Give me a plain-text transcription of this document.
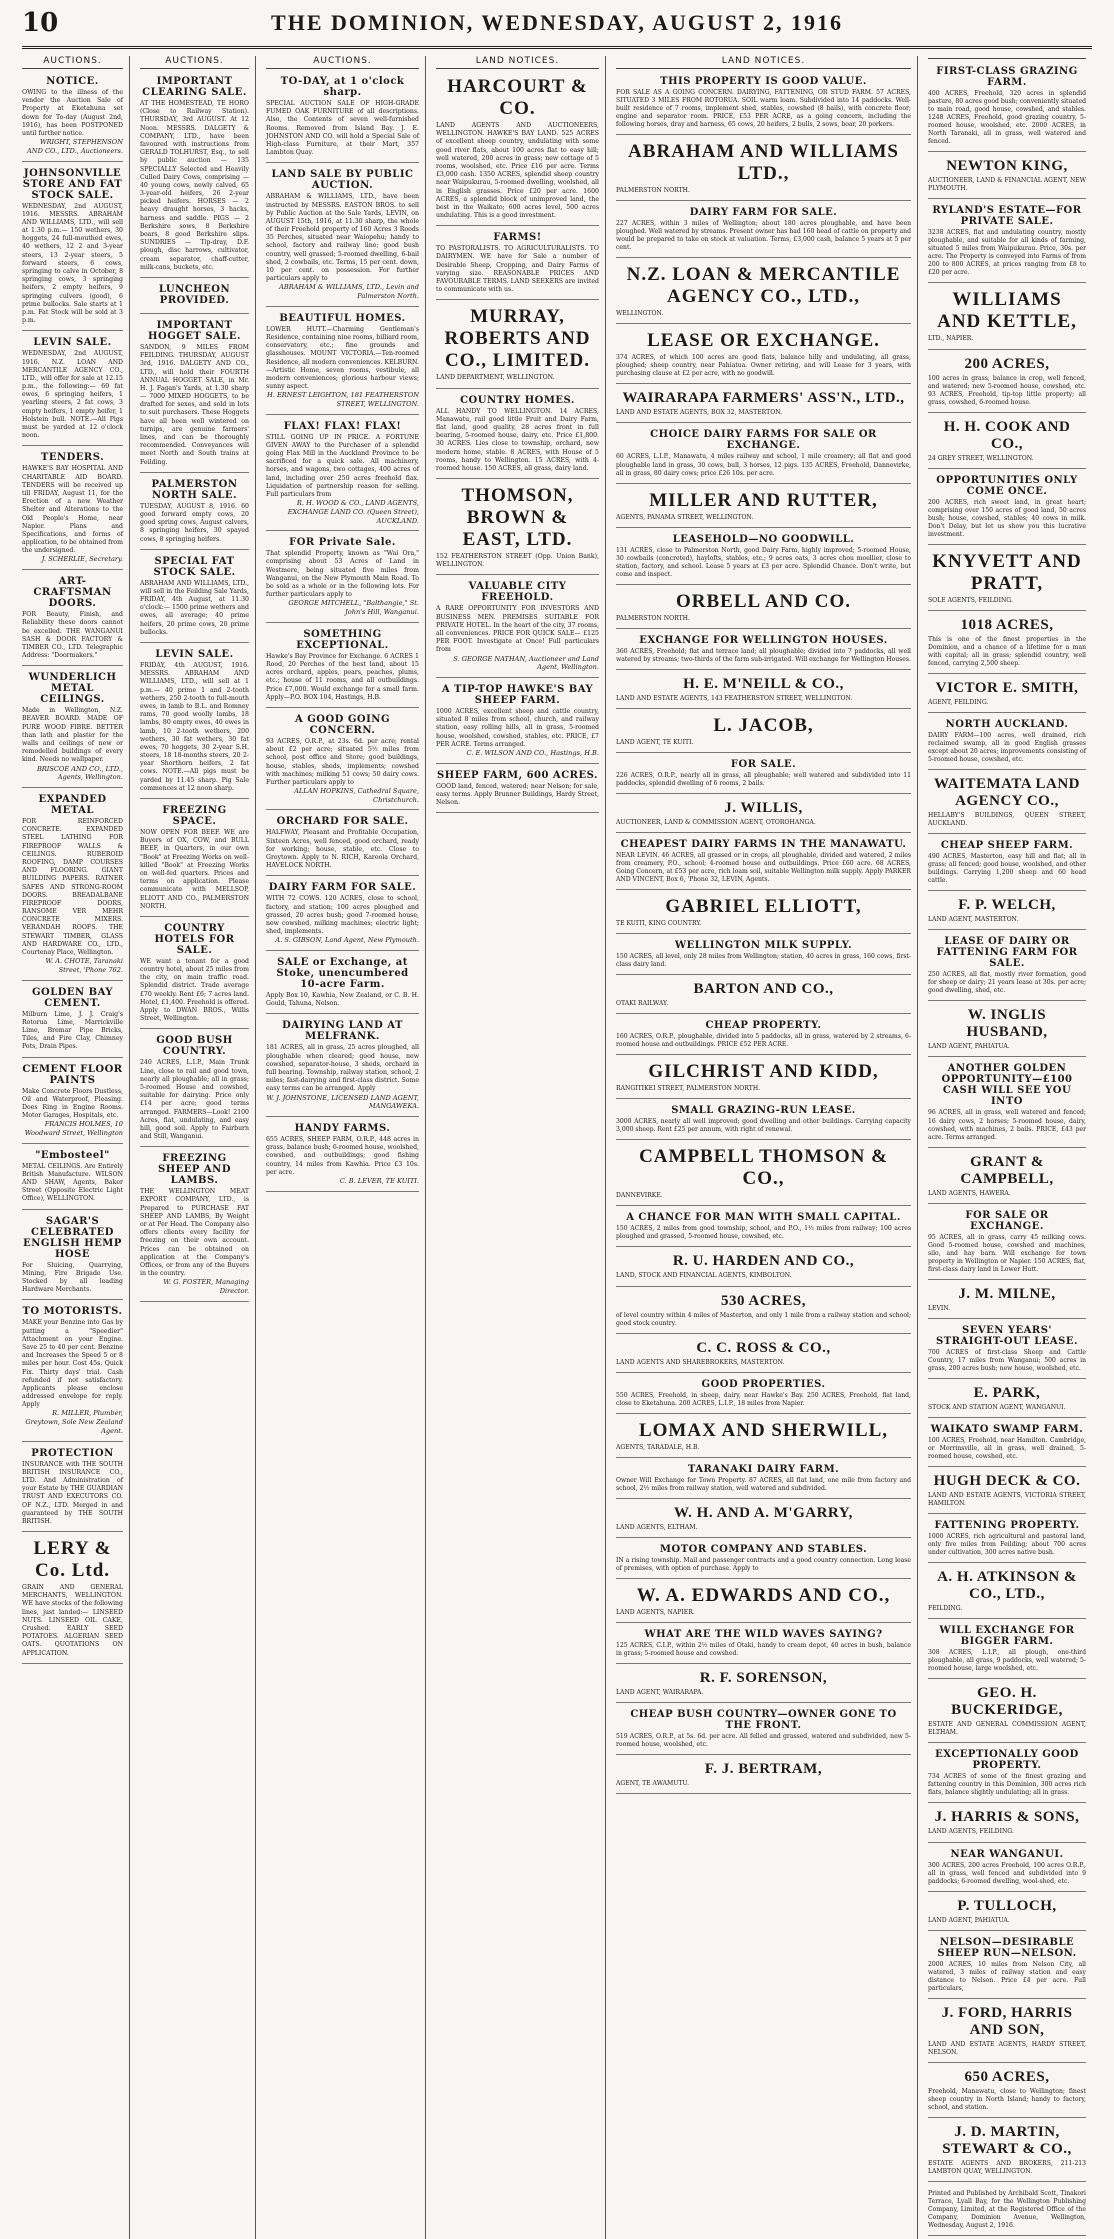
10	THE DOMINION, WEDNESDAY, AUGUST 2, 1916
AUCTIONS.
NOTICE.

OWING to the illness of the vendor the Auction Sale of Property at Eketahuna set down for To-day (August 2nd, 1916), has been POSTPONED until further notice.

WRIGHT, STEPHENSON AND CO., LTD., Auctioneers.

JOHNSONVILLE STORE AND FAT STOCK SALE.

WEDNESDAY, 2nd AUGUST, 1916. MESSRS. ABRAHAM AND WILLIAMS, LTD., will sell at 1.30 p.m.— 150 wethers, 30 hoggets, 24 full-mouthed ewes, 40 wethers, 12 2 and 3-year steers, 13 2-year steers, 5 forward steers, 6 cows, springing to calve in October, 8 springing cows, 3 springing heifers, 2 empty heifers, 9 springing culvers (good), 6 prime bullocks. Sale starts at 1 p.m. Fat Stock will be sold at 3 p.m.

LEVIN SALE.

WEDNESDAY, 2nd AUGUST, 1916. N.Z. LOAN AND MERCANTILE AGENCY CO., LTD., will offer for sale at 12.15 p.m., the following:— 69 fat ewes, 6 springing heifers, 1 yearling steers, 2 fat cows, 3 empty heifers, 1 empty heifer, 1 Holstein bull. NOTE.—All Pigs must be yarded at 12 o'clock noon.

TENDERS.

HAWKE'S BAY HOSPITAL AND CHARITABLE AID BOARD. TENDERS will be received up till FRIDAY, August 11, for the Erection of a new Weather Shelter and Alterations to the Old People's Home, near Napier. Plans and Specifications, and forms of application, to be obtained from the undersigned.

J. SCHERLIE, Secretary.

ART-CRAFTSMAN DOORS.

FOR Beauty, Finish, and Reliability these doors cannot be excelled. THE WANGANUI SASH & DOOR FACTORY & TIMBER CO., LTD. Telegraphic Address: "Doormakers."

WUNDERLICH METAL CEILINGS.

Made in Wellington, N.Z. BEAVER BOARD. MADE OF PURE WOOD FIBRE. BETTER than lath and plaster for the walls and ceilings of new or remodelled buildings of every kind. Needs no wallpaper.

BRISCOE AND CO., LTD., Agents, Wellington.

EXPANDED METAL

FOR REINFORCED CONCRETE. EXPANDED STEEL LATHING FOR FIREPROOF WALLS & CEILINGS. RUBEROID ROOFING, DAMP COURSES AND FLOORING. GIANT BUILDING PAPERS. RATNER SAFES AND STRONG-ROOM DOORS. BREADALBANE FIREPROOF DOORS, RANSOME VER MEHR CONCRETE MIXERS. VERANDAH ROOFS. THE STEWART TIMBER, GLASS AND HARDWARE CO., LTD., Courtenay Place, Wellington.

W. A. CHOTE, Taranaki Street, 'Phone 762.

GOLDEN BAY CEMENT.

Milburn Lime, J. J. Craig's Rotorua Lime, Marrickville Lime, Bremar Pipe Bricks, Tiles, and Fire Clay, Chimney Pots, Drain Pipes.

CEMENT FLOOR PAINTS

Make Concrete Floors Dustless, Oil and Waterproof, Pleasing. Does Ring in Engine Rooms. Motor Garages, Hospitals, etc.

FRANCIS HOLMES, 10 Woodward Street, Wellington

"Embosteel"

METAL CEILINGS. Are Entirely British Manufacture. WILSON AND SHAW, Agents, Baker Street (Opposite Electric Light Office), WELLINGTON.

SAGAR'S CELEBRATED ENGLISH HEMP HOSE

For Sluicing, Quarrying, Mining, Fire Brigade Use. Stocked by all leading Hardware Merchants.

TO MOTORISTS.

MAKE your Benzine into Gas by putting a "Speedier" Attachment on your Engine. Save 25 to 40 per cent. Benzine and Increases the Speed 5 or 8 miles per hour. Cost 45s. Quick Fix. Thirty days' trial. Cash refunded if not satisfactory. Applicants please enclose addressed envelope for reply. Apply

R. MILLER, Plumber, Greytown, Sole New Zealand Agent.

PROTECTION

INSURANCE with THE SOUTH BRITISH INSURANCE CO., LTD. And Administration of your Estate by THE GUARDIAN TRUST AND EXECUTORS CO. OF N.Z., LTD. Merged in and guaranteed by THE SOUTH BRITISH.

LERY & Co. Ltd.

GRAIN AND GENERAL MERCHANTS, WELLINGTON. WE have stocks of the following lines, just landed:— LINSEED NUTS. LINSEED OIL CAKE, Crushed. EARLY SEED POTATOES. ALGERIAN SEED OATS. QUOTATIONS ON APPLICATION.

AUCTIONS.
IMPORTANT CLEARING SALE.

AT THE HOMESTEAD, TE HORO (Close to Railway Station). THURSDAY, 3rd AUGUST. At 12 Noon. MESSRS. DALGETY & COMPANY, LTD., have been favoured with instructions from GERALD TOLHURST, Esq., to sell by public auction — 135 SPECIALLY Selected and Heavily Culled Dairy Cows, comprising — 40 young cows, newly calved, 65 3-year-old heifers, 26 2-year picked heifers. HORSES — 2 heavy draught horses, 3 hacks, harness and saddle. PIGS — 2 Berkshire sows, 8 Berkshire boars, 8 good Berkshire slips. SUNDRIES — Tip-dray, D.F. plough, disc harrows, cultivator, cream separator, chaff-cutter, milk-cans, buckets, etc.

LUNCHEON PROVIDED.

IMPORTANT HOGGET SALE.

SANDON, 9 MILES FROM FEILDING. THURSDAY, AUGUST 3rd, 1916. DALGETY AND CO., LTD., will hold their FOURTH ANNUAL HOGGET SALE, in Mr. H. J. Fagan's Yards, at 1.30 sharp — 7000 MIXED HOGGETS, to be drafted for sexes, and sold in lots to suit purchasers. These Hoggets have all been well wintered on turnips, are genuine farmers' lines, and can be thoroughly recommended. Conveyances will meet North and South trains at Feilding.

PALMERSTON NORTH SALE.

TUESDAY, AUGUST 8, 1916. 60 good forward empty cows, 20 good spring cows, August calvers, 8 springing heifers, 30 spayed cows, 8 springing heifers.

SPECIAL FAT STOCK SALE.

ABRAHAM AND WILLIAMS, LTD., will sell in the Feilding Sale Yards, FRIDAY, 4th August, at 11.30 o'clock:— 1500 prime wethers and ewes, all average; 40 prime heifers, 20 prime cows, 20 prime bullocks.

LEVIN SALE.

FRIDAY, 4th AUGUST, 1916. MESSRS. ABRAHAM AND WILLIAMS, LTD., will sell at 1 p.m.— 40 prime 1 and 2-tooth wethers, 250 2-tooth to full-mouth ewes, in lamb to B.L. and Romney rams, 70 good woolly lambs, 18 lambs, 80 empty ewes, 40 ewes in lamb, 10 2-tooth wethers, 200 wethers, 30 fat wethers, 30 fat ewes, 70 hoggets, 30 2-year S.H. steers, 18 18-months steers, 20 2-year Shorthorn heifers, 2 fat cows. NOTE.—All pigs must be yarded by 11.45 sharp. Pig Sale commences at 12 noon sharp.

FREEZING SPACE.

NOW OPEN FOR BEEF. WE are Buyers of OX, COW, and BULL BEEF, in Quarters, in our own "Book" at Freezing Works on well-killed "Book" at Freezing Works on well-fed quarters. Prices and terms on application. Please communicate with MELLSOP, ELIOTT AND CO., PALMERSTON NORTH.

COUNTRY HOTELS FOR SALE.

WE want a tenant for a good country hotel, about 25 miles from the city, on main traffic road. Splendid district. Trade average £70 weekly. Rent £6; 7 acres land. Hotel, £1,400. Freehold is offered. Apply to DWAN BROS., Willis Street, Wellington.

GOOD BUSH COUNTRY.

240 ACRES, L.I.P., Main Trunk Line, close to rail and good town, nearly all ploughable; all in grass; 5-roomed House and cowshed, suitable for dairying. Price only £14 per acre; good terms arranged. FARMERS—Look! 2100 Acres, flat, undulating, and easy hill, good soil. Apply to Fairburn and Still, Wanganui.

FREEZING SHEEP AND LAMBS.

THE WELLINGTON MEAT EXPORT COMPANY, LTD., is Prepared to PURCHASE FAT SHEEP AND LAMBS, By Weight or at Per Head. The Company also offers clients every facility for freezing on their own account. Prices can be obtained on application at the Company's Offices, or from any of the Buyers in the country.

W. G. FOSTER, Managing Director.

AUCTIONS.
TO-DAY, at 1 o'clock sharp.

SPECIAL AUCTION SALE OF HIGH-GRADE FUMED OAK FURNITURE of all descriptions. Also, the Contents of seven well-furnished Rooms. Removed from Island Bay. J. E. JOHNSTON AND CO. will hold a Special Sale of High-class Furniture, at their Mart, 357 Lambton Quay.

LAND SALE BY PUBLIC AUCTION.

ABRAHAM & WILLIAMS, LTD., have been instructed by MESSRS. EASTON BROS. to sell by Public Auction at the Sale Yards, LEVIN, on AUGUST 15th, 1916, at 11.30 sharp, the whole of their Freehold property of 160 Acres 3 Roods 35 Perches, situated near Waiopehu; handy to school, factory and railway line; good bush country, well grassed; 5-roomed dwelling, 6-bail shed, 2 cowbails, etc. Terms, 15 per cent. down, 10 per cent. on possession. For further particulars apply to

ABRAHAM & WILLIAMS, LTD., Levin and Palmerston North.

BEAUTIFUL HOMES.

LOWER HUTT.—Charming Gentleman's Residence, containing nine rooms, billiard room, conservatory, etc.; fine grounds and glasshouses. MOUNT VICTORIA.—Ten-roomed Residence, all modern conveniences. KELBURN.—Artistic Home, seven rooms, vestibule, all modern conveniences; glorious harbour views; sunny aspect.

H. ERNEST LEIGHTON, 181 FEATHERSTON STREET, WELLINGTON.

FLAX! FLAX! FLAX!

STILL GOING UP IN PRICE. A FORTUNE GIVEN AWAY to the Purchaser of a splendid going Flax Mill in the Auckland Province to be sacrificed for a quick sale. All machinery, horses, and wagons, two cottages, 400 acres of land, including over 250 acres freehold flax. Liquidation of partnership reason for selling. Full particulars from

R. H. WOOD & CO., LAND AGENTS, EXCHANGE LAND CO. (Queen Street), AUCKLAND.

FOR Private Sale.

That splendid Property, known as "Wai Ora," comprising about 53 Acres of Land in Westmere, being situated five miles from Wanganui, on the New Plymouth Main Road. To be sold as a whole or in the following lots. For further particulars apply to

GEORGE MITCHELL, "Balthangie," St. John's Hill, Wanganui.

SOMETHING EXCEPTIONAL.

Hawke's Bay Province for Exchange. 6 ACRES 1 Rood, 20 Perches of the best land, about 15 acres orchard, apples, pears, peaches, plums, etc.; house of 11 rooms, and all outbuildings. Price £7,000. Would exchange for a small farm. Apply—P.O. BOX 104, Hastings, H.B.

A GOOD GOING CONCERN.

93 ACRES, O.R.P., at 23s. 6d. per acre; rental about £2 per acre; situated 5½ miles from school, post office and Store; good buildings, house, stables, sheds, implements; cowshed with machines; milking 51 cows; 50 dairy cows. Further particulars apply to

ALLAN HOPKINS, Cathedral Square, Christchurch.

ORCHARD FOR SALE.

HALFWAY, Pleasant and Profitable Occupation, Sixteen Acres, well fenced, good orchard, ready for working; house, stable, etc. Close to Greytown. Apply to N. RICH, Karoola Orchard, HAVELOCK NORTH.

DAIRY FARM FOR SALE.

WITH 72 COWS. 120 ACRES, close to school, factory, and station; 100 acres ploughed and grassed, 20 acres bush; good 7-roomed house, new cowshed, milking machines; electric light; shed, implements.

A. S. GIBSON, Land Agent, New Plymouth.

SALE or Exchange, at Stoke, unencumbered 10-acre Farm.

Apply Box 10, Kawhia, New Zealand, or C. B. H. Gould, Tahuna, Nelson.

DAIRYING LAND AT MELFRANK.

181 ACRES, all in grass, 25 acres ploughed, all ploughable when cleared; good house, new cowshed, separator-house, 3 sheds, orchard in full bearing. Township, railway station, school, 2 miles; fast-dairying and first-class district. Some easy terms can be arranged. Apply

W. J. JOHNSTONE, LICENSED LAND AGENT, MANGAWEKA.

HANDY FARMS.

655 ACRES, SHEEP FARM, O.R.P., 448 acres in grass, balance bush; 6-roomed house, woolshed, cowshed, and outbuildings; good fishing country, 14 miles from Kawhia. Price £3 10s. per acre.

C. B. LEVER, TE KUITI.

LAND NOTICES.
HARCOURT & CO.

LAND AGENTS AND AUCTIONEERS, WELLINGTON. HAWKE'S BAY LAND. 525 ACRES of excellent sheep country, undulating with some good river flats, about 100 acres flat to easy hill; well watered, 200 acres in grass; new cottage of 5 rooms, woolshed, etc. Price £16 per acre. Terms £3,000 cash. 1350 ACRES, splendid sheep country near Waipukurau, 5-roomed dwelling, woolshed, all in English grasses. Price £20 per acre. 1600 ACRES, a splendid block of unimproved land, the best in the Waikato; 600 acres level, 500 acres undulating. This is a good investment.

FARMS!

TO PASTORALISTS. TO AGRICULTURALISTS. TO DAIRYMEN. WE have for Sale a number of Desirable Sheep, Cropping, and Dairy Farms of varying size. REASONABLE PRICES AND FAVOURABLE TERMS. LAND SEEKERS are invited to communicate with us.

MURRAY, ROBERTS AND CO., LIMITED.

LAND DEPARTMENT, WELLINGTON.

COUNTRY HOMES.

ALL HANDY TO WELLINGTON. 14 ACRES, Manawatu, rail good little Fruit and Dairy Farm, flat land, good quality, 28 acres front in full bearing, 5-roomed house, dairy, etc. Price £1,800. 30 ACRES. Lies close to township, orchard, new modern home, stable. 8 ACRES, with House of 5 rooms, handy to Wellington. 15 ACRES, with 4-roomed house. 150 ACRES, all grass, dairy land.

THOMSON, BROWN & EAST, LTD.

152 FEATHERSTON STREET (Opp. Union Bank), WELLINGTON.

VALUABLE CITY FREEHOLD.

A RARE OPPORTUNITY FOR INVESTORS AND BUSINESS MEN. PREMISES SUITABLE FOR PRIVATE HOTEL. In the heart of the city, 37 rooms, all conveniences. PRICE FOR QUICK SALE— £125 PER FOOT. Investigate at Once! Full particulars from

S. GEORGE NATHAN, Auctioneer and Land Agent, Wellington.

A TIP-TOP HAWKE'S BAY SHEEP FARM.

1000 ACRES, excellent sheep and cattle country, situated 8 miles from school, church, and railway station, easy rolling hills, all in grass, 5-roomed house, woolshed, cowshed, stables, etc. PRICE, £7 PER ACRE. Terms arranged.

C. E. WILSON AND CO., Hastings, H.B.

SHEEP FARM, 600 ACRES.

GOOD land, fenced, watered; near Nelson; for sale, easy terms. Apply Brunner Buildings, Hardy Street, Nelson.

LAND NOTICES.
THIS PROPERTY IS GOOD VALUE.

FOR SALE AS A GOING CONCERN. DAIRYING, FATTENING, OR STUD FARM. 57 ACRES, SITUATED 3 MILES FROM ROTORUA. SOIL warm loam. Subdivided into 14 paddocks. Well-built residence of 7 rooms, implement shed, stables, cowshed (8 bails), with concrete floor; engine and separator room. PRICE, £53 PER ACRE, as a going concern, including the following horses, dray and harness, 65 cows, 20 heifers, 2 bulls, 2 sows, boar, 20 porkers.

ABRAHAM AND WILLIAMS LTD.,

PALMERSTON NORTH.

DAIRY FARM FOR SALE.

227 ACRES, within 3 miles of Wellington; about 180 acres ploughable, and have been ploughed. Well watered by streams. Present owner has had 160 head of cattle on property and would be prepared to take on stock at valuation. Terms, £3,000 cash, balance 5 years at 5 per cent.

N.Z. LOAN & MERCANTILE AGENCY CO., LTD.,

WELLINGTON.

LEASE OR EXCHANGE.

374 ACRES, of which 100 acres are good flats, balance hilly and undulating, all grass, ploughed; sheep country, near Pahiatua. Owner retiring, and will Lease for 3 years, with purchasing clause at £2 per acre, with no goodwill.

WAIRARAPA FARMERS' ASS'N., LTD.,

LAND AND ESTATE AGENTS, BOX 32, MASTERTON.

CHOICE DAIRY FARMS FOR SALE OR EXCHANGE.

60 ACRES, L.I.P., Manawatu, 4 miles railway and school, 1 mile creamery; all flat and good ploughable land in grass, 30 cows, bull, 3 horses, 12 pigs. 135 ACRES, Freehold, Dannevirke, all in grass, 80 dairy cows; price £26 10s. per acre.

MILLER AND RUTTER,

AGENTS, PANAMA STREET, WELLINGTON.

LEASEHOLD—NO GOODWILL.

131 ACRES, close to Palmerston North, good Dairy Farm, highly improved; 5-roomed House, 30 cowbails (concreted), haylofts, stables, etc.; 9 acres oats, 3 acres chou moellier, close to station, factory, and school. Lease 5 years at £3 per acre. Splendid Chance. Don't write, but come and inspect.

ORBELL AND CO.

PALMERSTON NORTH.

EXCHANGE FOR WELLINGTON HOUSES.

360 ACRES, Freehold; flat and terrace land; all ploughable; divided into 7 paddocks, all well watered by streams; two-thirds of the farm sub-irrigated. Will exchange for Wellington Houses.

H. E. M'NEILL & CO.,

LAND AND ESTATE AGENTS, 143 FEATHERSTON STREET, WELLINGTON.

L. JACOB,

LAND AGENT, TE KUITI.

FOR SALE.

226 ACRES, O.R.P., nearly all in grass, all ploughable; well watered and subdivided into 11 paddocks, splendid dwelling of 6 rooms, 2 bails.

J. WILLIS,

AUCTIONEER, LAND & COMMISSION AGENT, OTOROHANGA.

CHEAPEST DAIRY FARMS IN THE MANAWATU.

NEAR LEVIN. 46 ACRES, all grassed or in crops, all ploughable, divided and watered, 2 miles from creamery, P.O., school; 4-roomed house and outbuildings. Price £60 acre. 68 ACRES, Going Concern, at £53 per acre, rich loam soil, suitable Wellington milk supply. Apply PARKER AND VINCENT, Box 6, 'Phone 32, LEVIN, Agents.

GABRIEL ELLIOTT,

TE KUITI, KING COUNTRY.

WELLINGTON MILK SUPPLY.

150 ACRES, all level, only 28 miles from Wellington; station, 40 acres in grass, 160 cows, first-class dairy land.

BARTON AND CO.,

OTAKI RAILWAY.

CHEAP PROPERTY.

160 ACRES, O.R.P., ploughable, divided into 5 paddocks, all in grass, watered by 2 streams, 6-roomed house and outbuildings. PRICE £52 PER ACRE.

GILCHRIST AND KIDD,

RANGITIKEI STREET, PALMERSTON NORTH.

SMALL GRAZING-RUN LEASE.

3000 ACRES, nearly all well improved; good dwelling and other buildings. Carrying capacity 3,000 sheep. Rent £25 per annum, with right of renewal.

CAMPBELL THOMSON & CO.,

DANNEVIRKE.

A CHANCE FOR MAN WITH SMALL CAPITAL.

150 ACRES, 2 miles from good township, school, and P.O., 1½ miles from railway; 100 acres ploughed and grassed, 5-roomed house, cowshed, etc.

R. U. HARDEN AND CO.,

LAND, STOCK AND FINANCIAL AGENTS, KIMBOLTON.

530 ACRES,

of level country within 4 miles of Masterton, and only 1 mile from a railway station and school; good stock country.

C. C. ROSS & CO.,

LAND AGENTS AND SHAREBROKERS, MASTERTON.

GOOD PROPERTIES.

550 ACRES, Freehold, in sheep, dairy, near Hawke's Bay. 250 ACRES, Freehold, flat land, close to Eketahuna. 200 ACRES, L.I.P., 18 miles from Napier.

LOMAX AND SHERWILL,

AGENTS, TARADALE, H.B.

TARANAKI DAIRY FARM.

Owner Will Exchange for Town Property. 87 ACRES, all flat land, one mile from factory and school, 2½ miles from railway station, well watered and subdivided.

W. H. AND A. M'GARRY,

LAND AGENTS, ELTHAM.

MOTOR COMPANY AND STABLES.

IN a rising township. Mail and passenger contracts and a good country connection. Long lease of premises, with option of purchase. Apply to

W. A. EDWARDS AND CO.,

LAND AGENTS, NAPIER.

WHAT ARE THE WILD WAVES SAYING?

125 ACRES, C.I.P., within 2½ miles of Otaki, handy to cream depot, 40 acres in bush, balance in grass; 5-roomed house and cowshed.

R. F. SORENSON,

LAND AGENT, WAIRARAPA.

CHEAP BUSH COUNTRY—OWNER GONE TO THE FRONT.

519 ACRES, O.R.P., at 5s. 6d. per acre. All felled and grassed, watered and subdivided, new 5-roomed house, woolshed, etc.

F. J. BERTRAM,

AGENT, TE AWAMUTU.

FIRST-CLASS GRAZING FARM.

400 ACRES, Freehold, 320 acres in splendid pasture, 80 acres good bush; conveniently situated to main road, good house, cowshed, and stables. 1248 ACRES, Freehold, good grazing country, 5-roomed house, woolshed, etc. 2000 ACRES, in North Taranaki, all in grass, well watered and fenced.

NEWTON KING,

AUCTIONEER, LAND & FINANCIAL AGENT, NEW PLYMOUTH.

RYLAND'S ESTATE—FOR PRIVATE SALE.

3238 ACRES, flat and undulating country, mostly ploughable, and suitable for all kinds of farming, situated 5 miles from Waipukurau. Price, 30s. per acre. The Property is conveyed into Farms of from 200 to 800 ACRES, at prices ranging from £8 to £20 per acre.

WILLIAMS AND KETTLE,

LTD., NAPIER.

200 ACRES,

100 acres in grass, balance in crop, well fenced, and watered; new 5-roomed house, cowshed, etc. 93 ACRES, Freehold, tip-top little property; all grass, cowshed, 6-roomed house.

H. H. COOK AND CO.,

24 GREY STREET, WELLINGTON.

OPPORTUNITIES ONLY COME ONCE.

200 ACRES, rich sweet land, in great heart; comprising over 150 acres of good land, 50 acres bush; house, cowshed, stables; 40 cows in milk. Don't Delay, but let us show you this lucrative investment.

KNYVETT AND PRATT,

SOLE AGENTS, FEILDING.

1018 ACRES,

This is one of the finest properties in the Dominion, and a chance of a lifetime for a man with capital; all in grass; splendid country, well fenced, carrying 2,500 sheep.

VICTOR E. SMITH,

AGENT, FEILDING.

NORTH AUCKLAND.

DAIRY FARM—100 acres, well drained, rich reclaimed swamp, all in good English grasses except about 20 acres; improvements consisting of 5-roomed house, cowshed, etc.

WAITEMATA LAND AGENCY CO.,

HELLABY'S BUILDINGS, QUEEN STREET, AUCKLAND.

CHEAP SHEEP FARM.

490 ACRES, Masterton, easy hill and flat; all in grass; all fenced; good house, woolshed, and other buildings. Carrying 1,200 sheep and 60 head cattle.

F. P. WELCH,

LAND AGENT, MASTERTON.

LEASE OF DAIRY OR FATTENING FARM FOR SALE.

250 ACRES, all flat, mostly river formation, good for sheep or dairy; 21 years lease at 30s. per acre; good dwelling, shed, etc.

W. INGLIS HUSBAND,

LAND AGENT, PAHIATUA.

ANOTHER GOLDEN OPPORTUNITY—£100 CASH WILL SEE YOU INTO

96 ACRES, all in grass, well watered and fenced; 16 dairy cows, 2 horses; 5-roomed house, dairy, cowshed, with machines, 2 bails. PRICE, £43 per acre. Terms arranged.

GRANT & CAMPBELL,

LAND AGENTS, HAWERA.

FOR SALE OR EXCHANGE.

95 ACRES, all in grass, carry 45 milking cows. Good 5-roomed house, cowshed and machines, silo, and hay barn. Will exchange for town property in Wellington or Napier. 150 ACRES, flat, first-class dairy land in Lower Hutt.

J. M. MILNE,

LEVIN.

SEVEN YEARS' STRAIGHT-OUT LEASE.

700 ACRES of first-class Sheep and Cattle Country, 17 miles from Wanganui; 500 acres in grass, 200 acres bush; new house, woolshed, etc.

E. PARK,

STOCK AND STATION AGENT, WANGANUI.

WAIKATO SWAMP FARM.

100 ACRES, Freehold, near Hamilton. Cambridge, or Morrinsville, all in grass, well drained, 5-roomed house, cowshed, etc.

HUGH DECK & CO.

LAND AND ESTATE AGENTS, VICTORIA STREET, HAMILTON.

FATTENING PROPERTY.

1000 ACRES, rich agricultural and pastoral land, only five miles from Feilding; about 700 acres under cultivation, 300 acres native bush.

A. H. ATKINSON & CO., LTD.,

FEILDING.

WILL EXCHANGE FOR BIGGER FARM.

308 ACRES, L.I.P., all plough, one-third ploughable, all grass, 9 paddocks, well watered; 5-roomed house, large woolshed, etc.

GEO. H. BUCKERIDGE,

ESTATE AND GENERAL COMMISSION AGENT, ELTHAM.

EXCEPTIONALLY GOOD PROPERTY.

734 ACRES of some of the finest grazing and fattening country in this Dominion, 300 acres rich flats, balance slightly undulating; all in grass.

J. HARRIS & SONS,

LAND AGENTS, FEILDING.

NEAR WANGANUI.

300 ACRES, 200 acres Freehold, 100 acres O.R.P., all in grass, well fenced and subdivided into 9 paddocks; 6-roomed dwelling, wool-shed, etc.

P. TULLOCH,

LAND AGENT, PAHIATUA.

NELSON—DESIRABLE SHEEP RUN—NELSON.

2000 ACRES, 10 miles from Nelson City, all watered, 3 miles of railway station and easy distance to Nelson. Price £4 per acre. Full particulars,

J. FORD, HARRIS AND SON,

LAND AND ESTATE AGENTS, HARDY STREET, NELSON.

650 ACRES,

Freehold, Manawatu, close to Wellington; finest sheep country in North Island; handy to factory, school, and station.

J. D. MARTIN, STEWART & CO.,

ESTATE AGENTS AND BROKERS, 211-213 LAMBTON QUAY, WELLINGTON.

Printed and Published by Archibald Scott, Tinakori Terrace, Lyall Bay, for the Wellington Publishing Company, Limited, at the Registered Office of the Company, Dominion Avenue, Wellington, Wednesday, August 2, 1916.
